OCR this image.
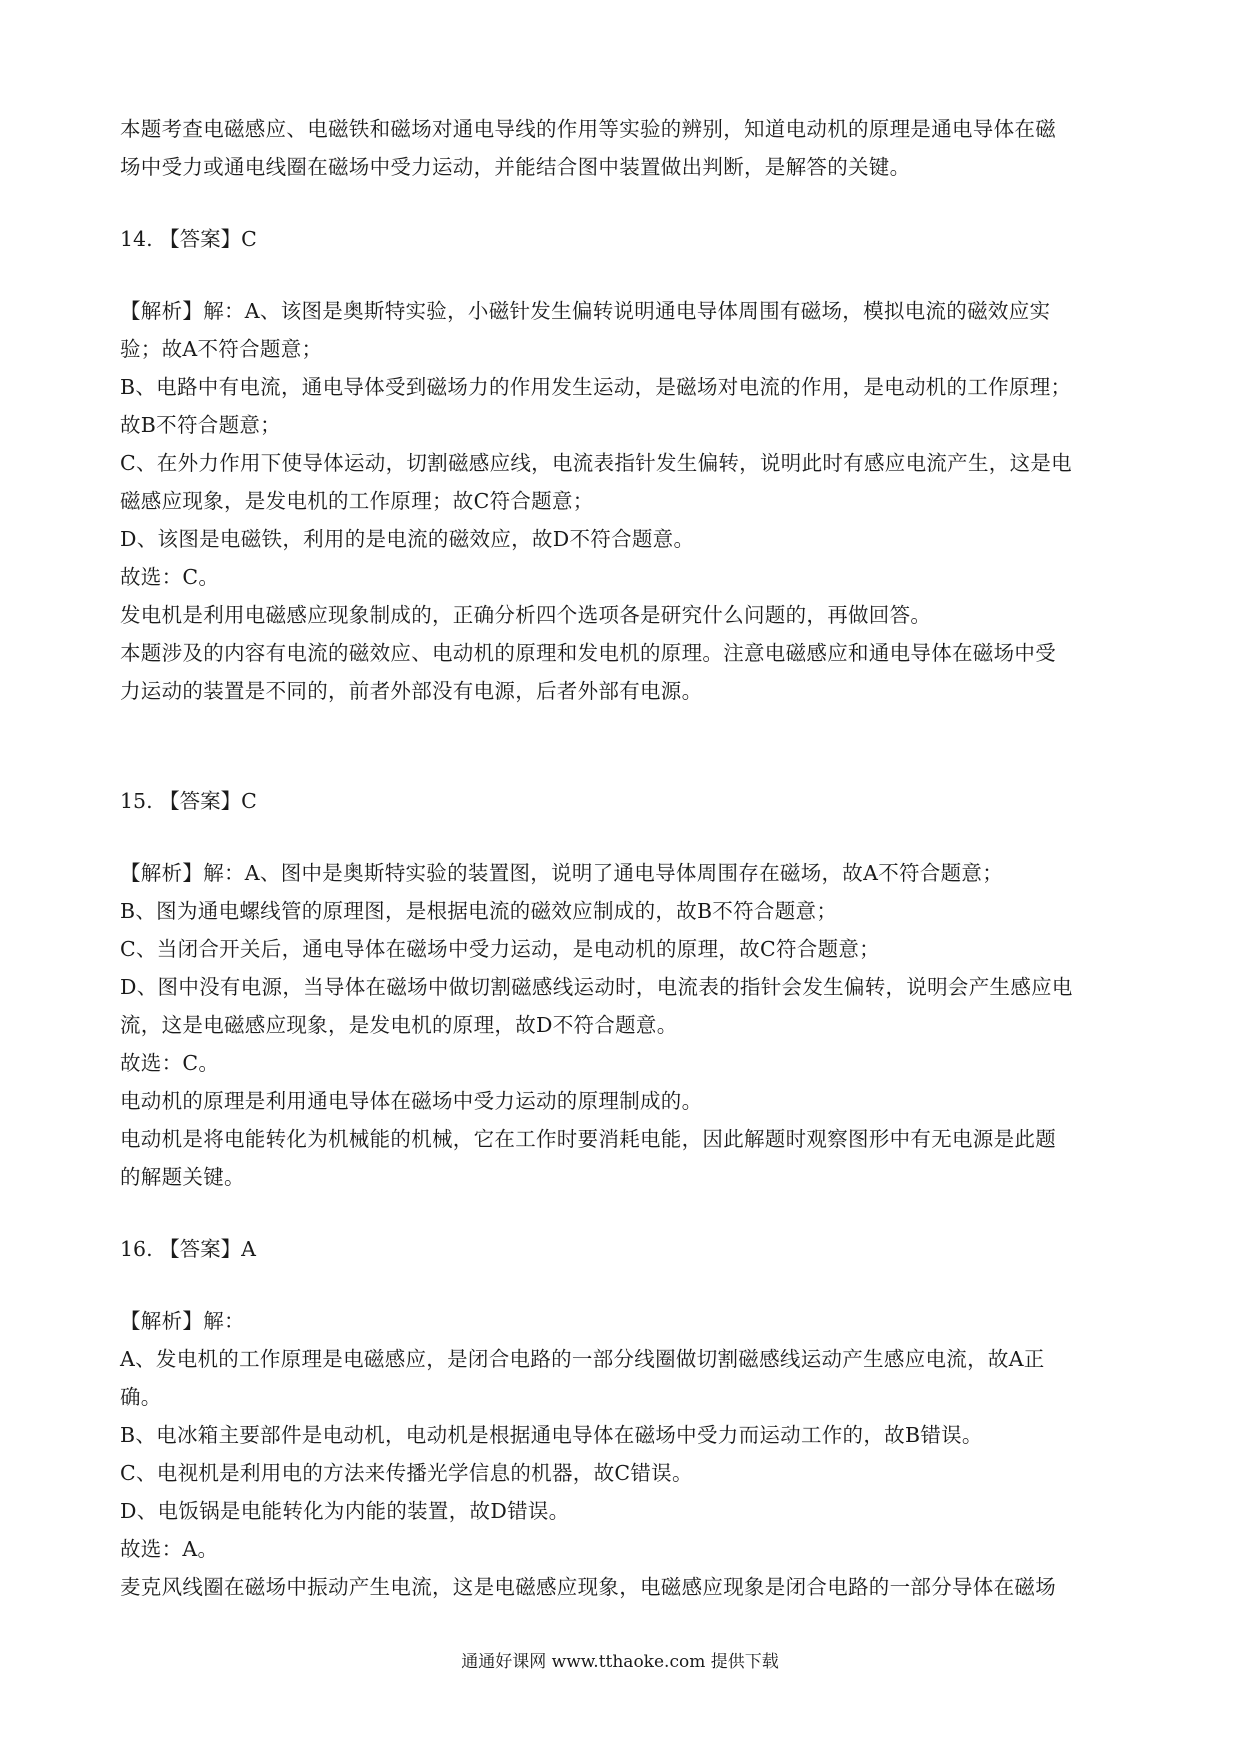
本题考查电磁感应、电磁铁和磁场对通电导线的作用等实验的辨别，知道电动机的原理是通电导体在磁
场中受力或通电线圈在磁场中受力运动，并能结合图中装置做出判断，是解答的关键。
14. 【答案】C
【解析】解：A、该图是奥斯特实验，小磁针发生偏转说明通电导体周围有磁场，模拟电流的磁效应实
验；故A不符合题意；
B、电路中有电流，通电导体受到磁场力的作用发生运动，是磁场对电流的作用，是电动机的工作原理；
故B不符合题意；
C、在外力作用下使导体运动，切割磁感应线，电流表指针发生偏转，说明此时有感应电流产生，这是电
磁感应现象，是发电机的工作原理；故C符合题意；
D、该图是电磁铁，利用的是电流的磁效应，故D不符合题意。
故选：C。
发电机是利用电磁感应现象制成的，正确分析四个选项各是研究什么问题的，再做回答。
本题涉及的内容有电流的磁效应、电动机的原理和发电机的原理。注意电磁感应和通电导体在磁场中受
力运动的装置是不同的，前者外部没有电源，后者外部有电源。
15. 【答案】C
【解析】解：A、图中是奥斯特实验的装置图，说明了通电导体周围存在磁场，故A不符合题意；
B、图为通电螺线管的原理图，是根据电流的磁效应制成的，故B不符合题意；
C、当闭合开关后，通电导体在磁场中受力运动，是电动机的原理，故C符合题意；
D、图中没有电源，当导体在磁场中做切割磁感线运动时，电流表的指针会发生偏转，说明会产生感应电
流，这是电磁感应现象，是发电机的原理，故D不符合题意。
故选：C。
电动机的原理是利用通电导体在磁场中受力运动的原理制成的。
电动机是将电能转化为机械能的机械，它在工作时要消耗电能，因此解题时观察图形中有无电源是此题
的解题关键。
16. 【答案】A
【解析】解：
A、发电机的工作原理是电磁感应，是闭合电路的一部分线圈做切割磁感线运动产生感应电流，故A正
确。
B、电冰箱主要部件是电动机，电动机是根据通电导体在磁场中受力而运动工作的，故B错误。
C、电视机是利用电的方法来传播光学信息的机器，故C错误。
D、电饭锅是电能转化为内能的装置，故D错误。
故选：A。
麦克风线圈在磁场中振动产生电流，这是电磁感应现象，电磁感应现象是闭合电路的一部分导体在磁场
通通好课网 www.tthaoke.com 提供下载
